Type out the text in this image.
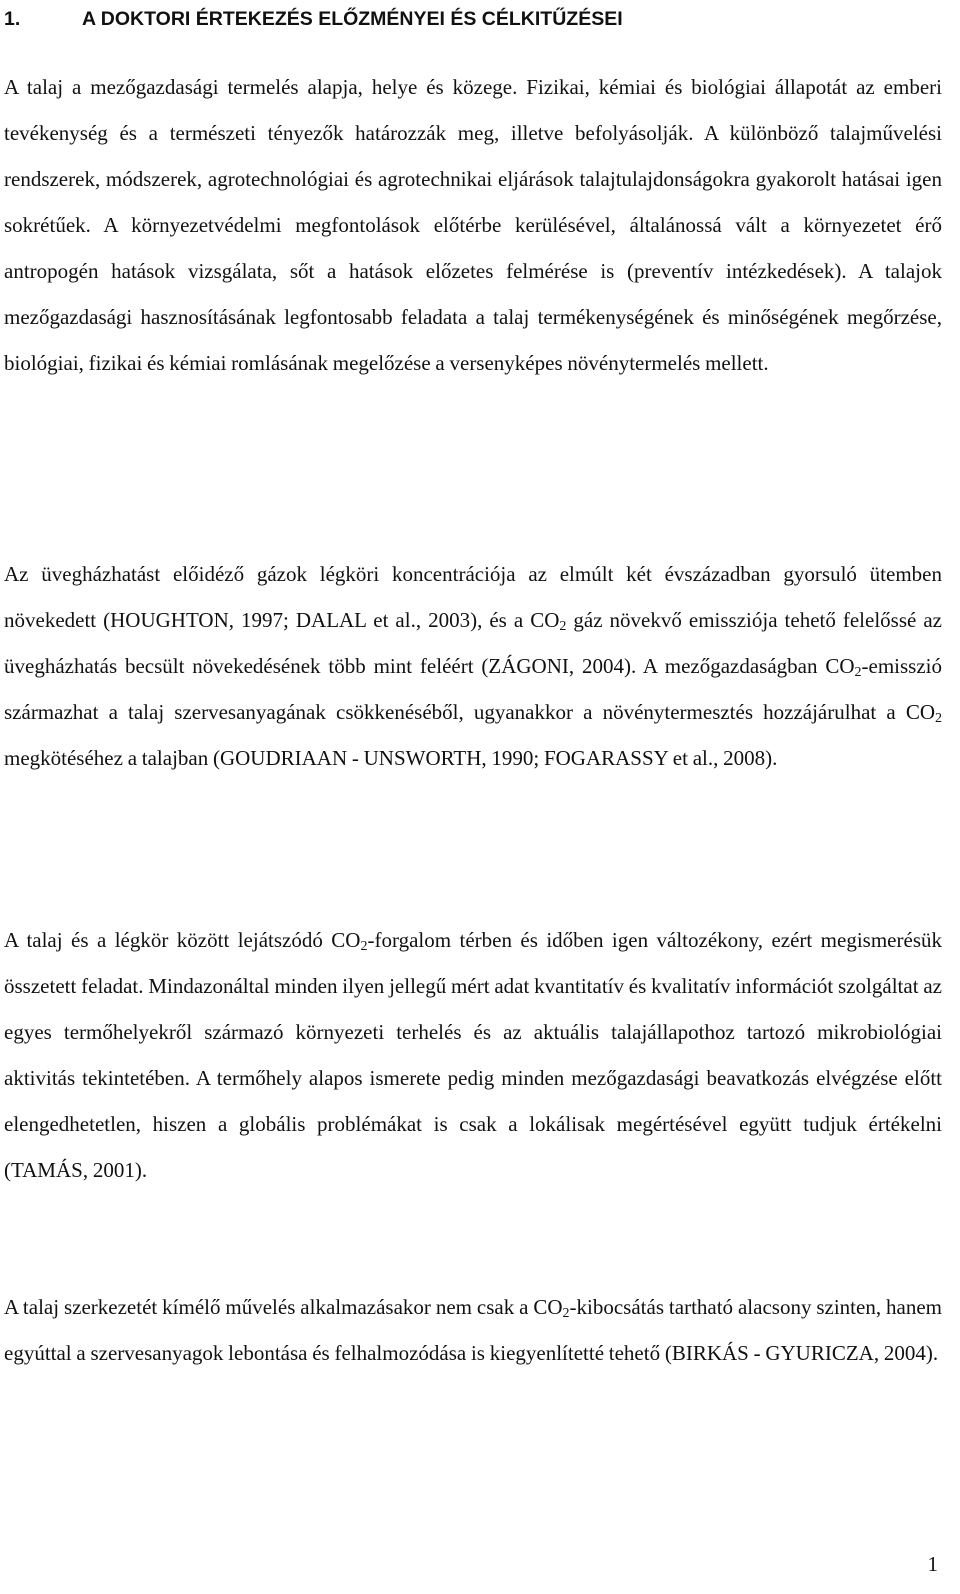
1.	A DOKTORI ÉRTEKEZÉS ELŐZMÉNYEI ÉS CÉLKITŰZÉSEI

A talaj a mezőgazdasági termelés alapja, helye és közege. Fizikai, kémiai és biológiai állapotát az emberi tevékenység és a természeti tényezők határozzák meg, illetve befolyásolják. A különböző talajművelési rendszerek, módszerek, agrotechnológiai és agrotechnikai eljárások talajtulajdonságokra gyakorolt hatásai igen sokrétűek. A környezetvédelmi megfontolások előtérbe kerülésével, általánossá vált a környezetet érő antropogén hatások vizsgálata, sőt a hatások előzetes felmérése is (preventív intézkedések). A talajok mezőgazdasági hasznosításának legfontosabb feladata a talaj termékenységének és minőségének megőrzése, biológiai, fizikai és kémiai romlásának megelőzése a versenyképes növénytermelés mellett.

Az üvegházhatást előidéző gázok légköri koncentrációja az elmúlt két évszázadban gyorsuló ütemben növekedett (HOUGHTON, 1997; DALAL et al., 2003), és a $CO_2$ gáz növekvő emissziója tehető felelőssé az üvegházhatás becsült növekedésének több mint feléért (ZÁGONI, 2004). A mezőgazdaságban $CO_2$-emisszió származhat a talaj szervesanyagának csökkenéséből, ugyanakkor a növénytermesztés hozzájárulhat a $CO_2$ megkötéséhez a talajban (GOUDRIAAN - UNSWORTH, 1990; FOGARASSY et al., 2008).

A talaj és a légkör között lejátszódó $CO_2$-forgalom térben és időben igen változékony, ezért megismerésük összetett feladat. Mindazonáltal minden ilyen jellegű mért adat kvantitatív és kvalitatív információt szolgáltat az egyes termőhelyekről származó környezeti terhelés és az aktuális talajállapothoz tartozó mikrobiológiai aktivitás tekintetében. A termőhely alapos ismerete pedig minden mezőgazdasági beavatkozás elvégzése előtt elengedhetetlen, hiszen a globális problémákat is csak a lokálisak megértésével együtt tudjuk értékelni (TAMÁS, 2001).

A talaj szerkezetét kímélő művelés alkalmazásakor nem csak a $CO_2$-kibocsátás tartható alacsony szinten, hanem egyúttal a szervesanyagok lebontása és felhalmozódása is kiegyenlítetté tehető (BIRKÁS - GYURICZA, 2004).

1
